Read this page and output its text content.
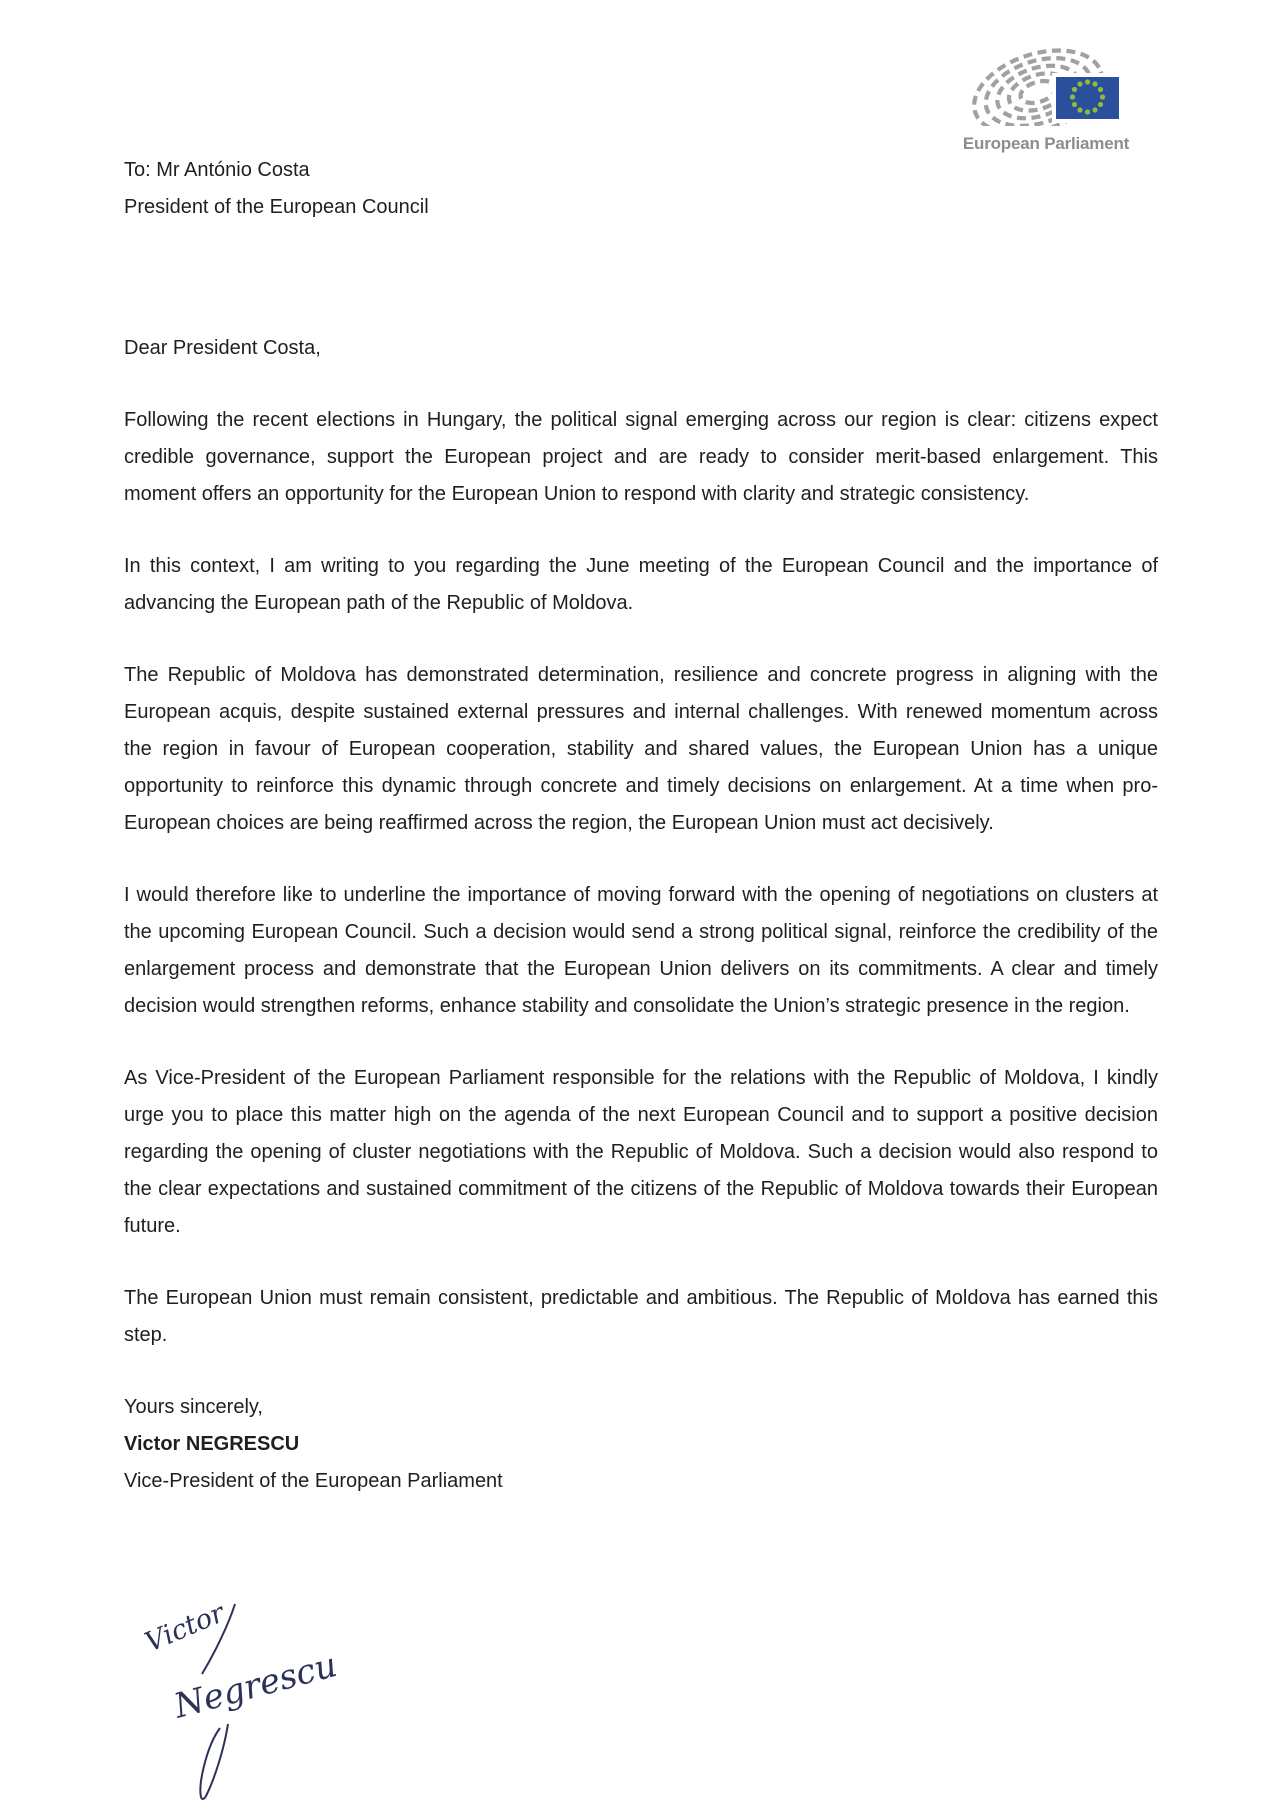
European Parliament

To: Mr António Costa

President of the European Council

Dear President Costa,

Following the recent elections in Hungary, the political signal emerging across our region is clear: citizens expect credible governance, support the European project and are ready to consider merit-based enlargement. This moment offers an opportunity for the European Union to respond with clarity and strategic consistency.

In this context, I am writing to you regarding the June meeting of the European Council and the importance of advancing the European path of the Republic of Moldova.

The Republic of Moldova has demonstrated determination, resilience and concrete progress in aligning with the European acquis, despite sustained external pressures and internal challenges. With renewed momentum across the region in favour of European cooperation, stability and shared values, the European Union has a unique opportunity to reinforce this dynamic through concrete and timely decisions on enlargement. At a time when pro-European choices are being reaffirmed across the region, the European Union must act decisively.

I would therefore like to underline the importance of moving forward with the opening of negotiations on clusters at the upcoming European Council. Such a decision would send a strong political signal, reinforce the credibility of the enlargement process and demonstrate that the European Union delivers on its commitments. A clear and timely decision would strengthen reforms, enhance stability and consolidate the Union’s strategic presence in the region.

As Vice-President of the European Parliament responsible for the relations with the Republic of Moldova, I kindly urge you to place this matter high on the agenda of the next European Council and to support a positive decision regarding the opening of cluster negotiations with the Republic of Moldova. Such a decision would also respond to the clear expectations and sustained commitment of the citizens of the Republic of Moldova towards their European future.

The European Union must remain consistent, predictable and ambitious. The Republic of Moldova has earned this step.

Yours sincerely,

Victor NEGRESCU

Vice-President of the European Parliament

Victor
Negrescu
